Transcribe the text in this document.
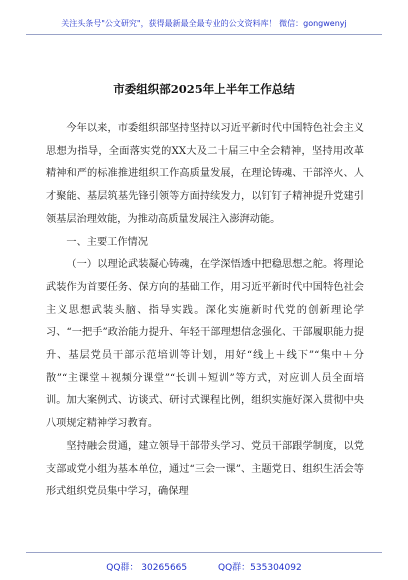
关注头条号"公文研究"，获得最新最全最专业的公文资料库！ 微信：gongwenyj
市委组织部2025年上半年工作总结

今年以来，市委组织部坚持坚持以习近平新时代中国特色社会主义思想为指导，全面落实党的XX大及二十届三中全会精神，坚持用改革精神和严的标准推进组织工作高质量发展，在理论铸魂、干部淬火、人才聚能、基层筑基先锋引领等方面持续发力，以钉钉子精神提升党建引领基层治理效能，为推动高质量发展注入澎湃动能。

一、主要工作情况

（一）以理论武装凝心铸魂，在学深悟透中把稳思想之舵。将理论武装作为首要任务、保方向的基础工作，用习近平新时代中国特色社会主义思想武装头脑、指导实践。深化实施新时代党的创新理论学习、“一把手”政治能力提升、年轻干部理想信念强化、干部履职能力提升、基层党员干部示范培训等计划，用好“线上＋线下”“集中＋分散”“主课堂＋视频分课堂”“长训＋短训”等方式，对应训人员全面培训。加大案例式、访谈式、研讨式课程比例，组织实施好深入贯彻中央八项规定精神学习教育。

坚持融会贯通，建立领导干部带头学习、党员干部跟学制度，以党支部或党小组为基本单位，通过“三会一课”、主题党日、组织生活会等形式组织党员集中学习，确保理

QQ群： 30265665	QQ群：535304092
